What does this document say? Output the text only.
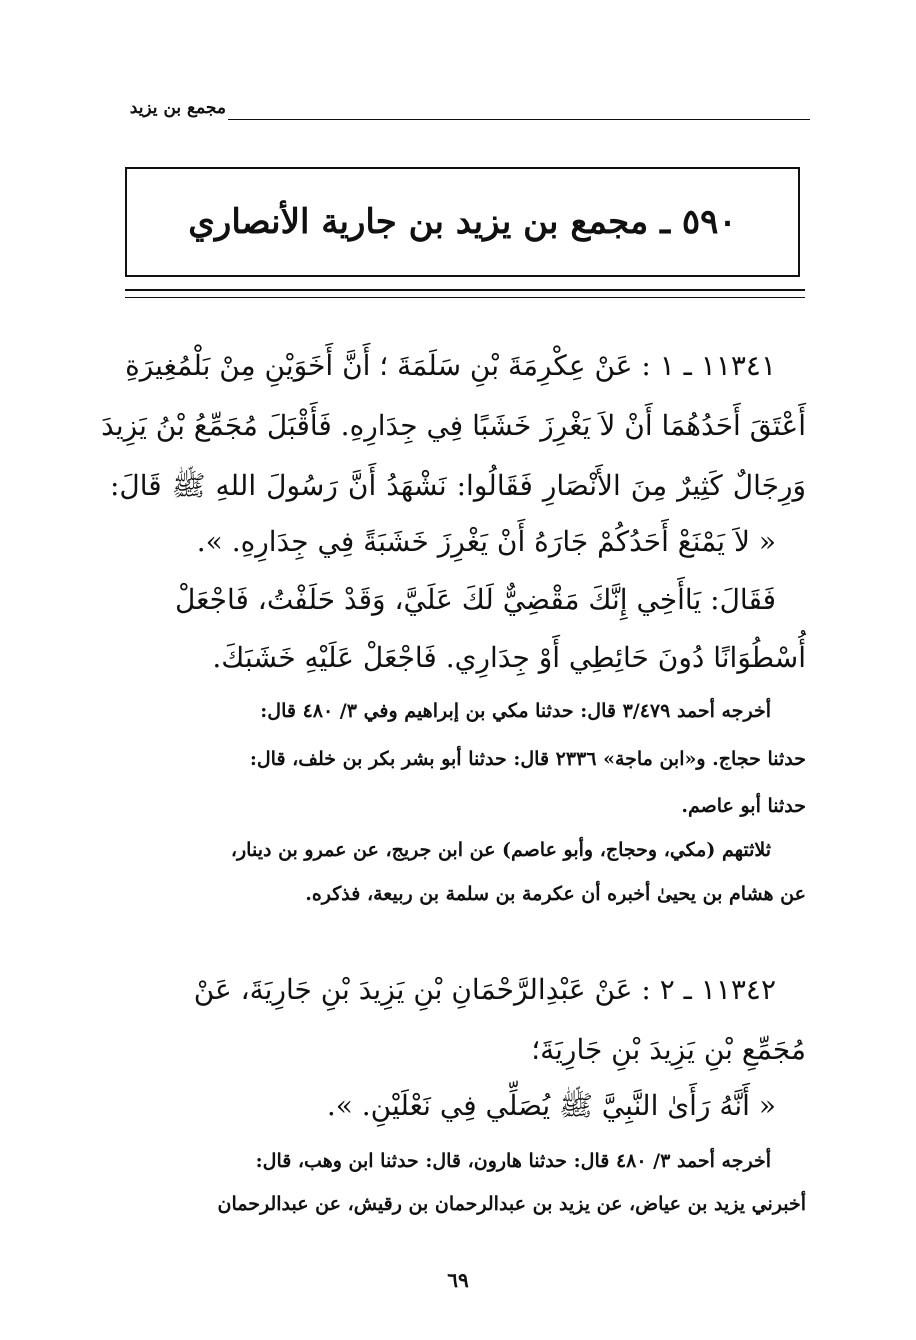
مجمع بن يزيد
٥٩٠ ـ مجمع بن يزيد بن جارية الأنصاري
١١٣٤١ ـ ١ : عَنْ عِكْرِمَةَ بْنِ سَلَمَةَ ؛ أَنَّ أَخَوَيْنِ مِنْ بَلْمُغِيرَةِ
أَعْتَقَ أَحَدُهُمَا أَنْ لاَ يَغْرِزَ خَشَبًا فِي جِدَارِهِ. فَأَقْبَلَ مُجَمِّعُ بْنُ يَزِيدَ
وَرِجَالٌ كَثِيرٌ مِنَ الأَنْصَارِ فَقَالُوا: نَشْهَدُ أَنَّ رَسُولَ اللهِ ﷺ قَالَ:
« لاَ يَمْنَعْ أَحَدُكُمْ جَارَهُ أَنْ يَغْرِزَ خَشَبَةً فِي جِدَارِهِ. ».
فَقَالَ: يَاأَخِي إِنَّكَ مَقْضِيٌّ لَكَ عَلَيَّ، وَقَدْ حَلَفْتُ، فَاجْعَلْ
أُسْطُوَانًا دُونَ حَائِطِي أَوْ جِدَارِي. فَاجْعَلْ عَلَيْهِ خَشَبَكَ.
أخرجه أحمد ٣/٤٧٩ قال: حدثنا مكي بن إبراهيم وفي ٣/ ٤٨٠ قال:
حدثنا حجاج. و«ابن ماجة» ٢٣٣٦ قال: حدثنا أبو بشر بكر بن خلف، قال:
حدثنا أبو عاصم.
ثلاثتهم (مكي، وحجاج، وأبو عاصم) عن ابن جريج، عن عمرو بن دينار،
عن هشام بن يحيىٰ أخبره أن عكرمة بن سلمة بن ربيعة، فذكره.
١١٣٤٢ ـ ٢ : عَنْ عَبْدِالرَّحْمَانِ بْنِ يَزِيدَ بْنِ جَارِيَةَ، عَنْ
مُجَمِّعِ بْنِ يَزِيدَ بْنِ جَارِيَةَ؛
« أَنَّهُ رَأَىٰ النَّبِيَّ ﷺ يُصَلِّي فِي نَعْلَيْنِ. ».
أخرجه أحمد ٣/ ٤٨٠ قال: حدثنا هارون، قال: حدثنا ابن وهب، قال:
أخبرني يزيد بن عياض، عن يزيد بن عبدالرحمان بن رقيش، عن عبدالرحمان
٦٩
